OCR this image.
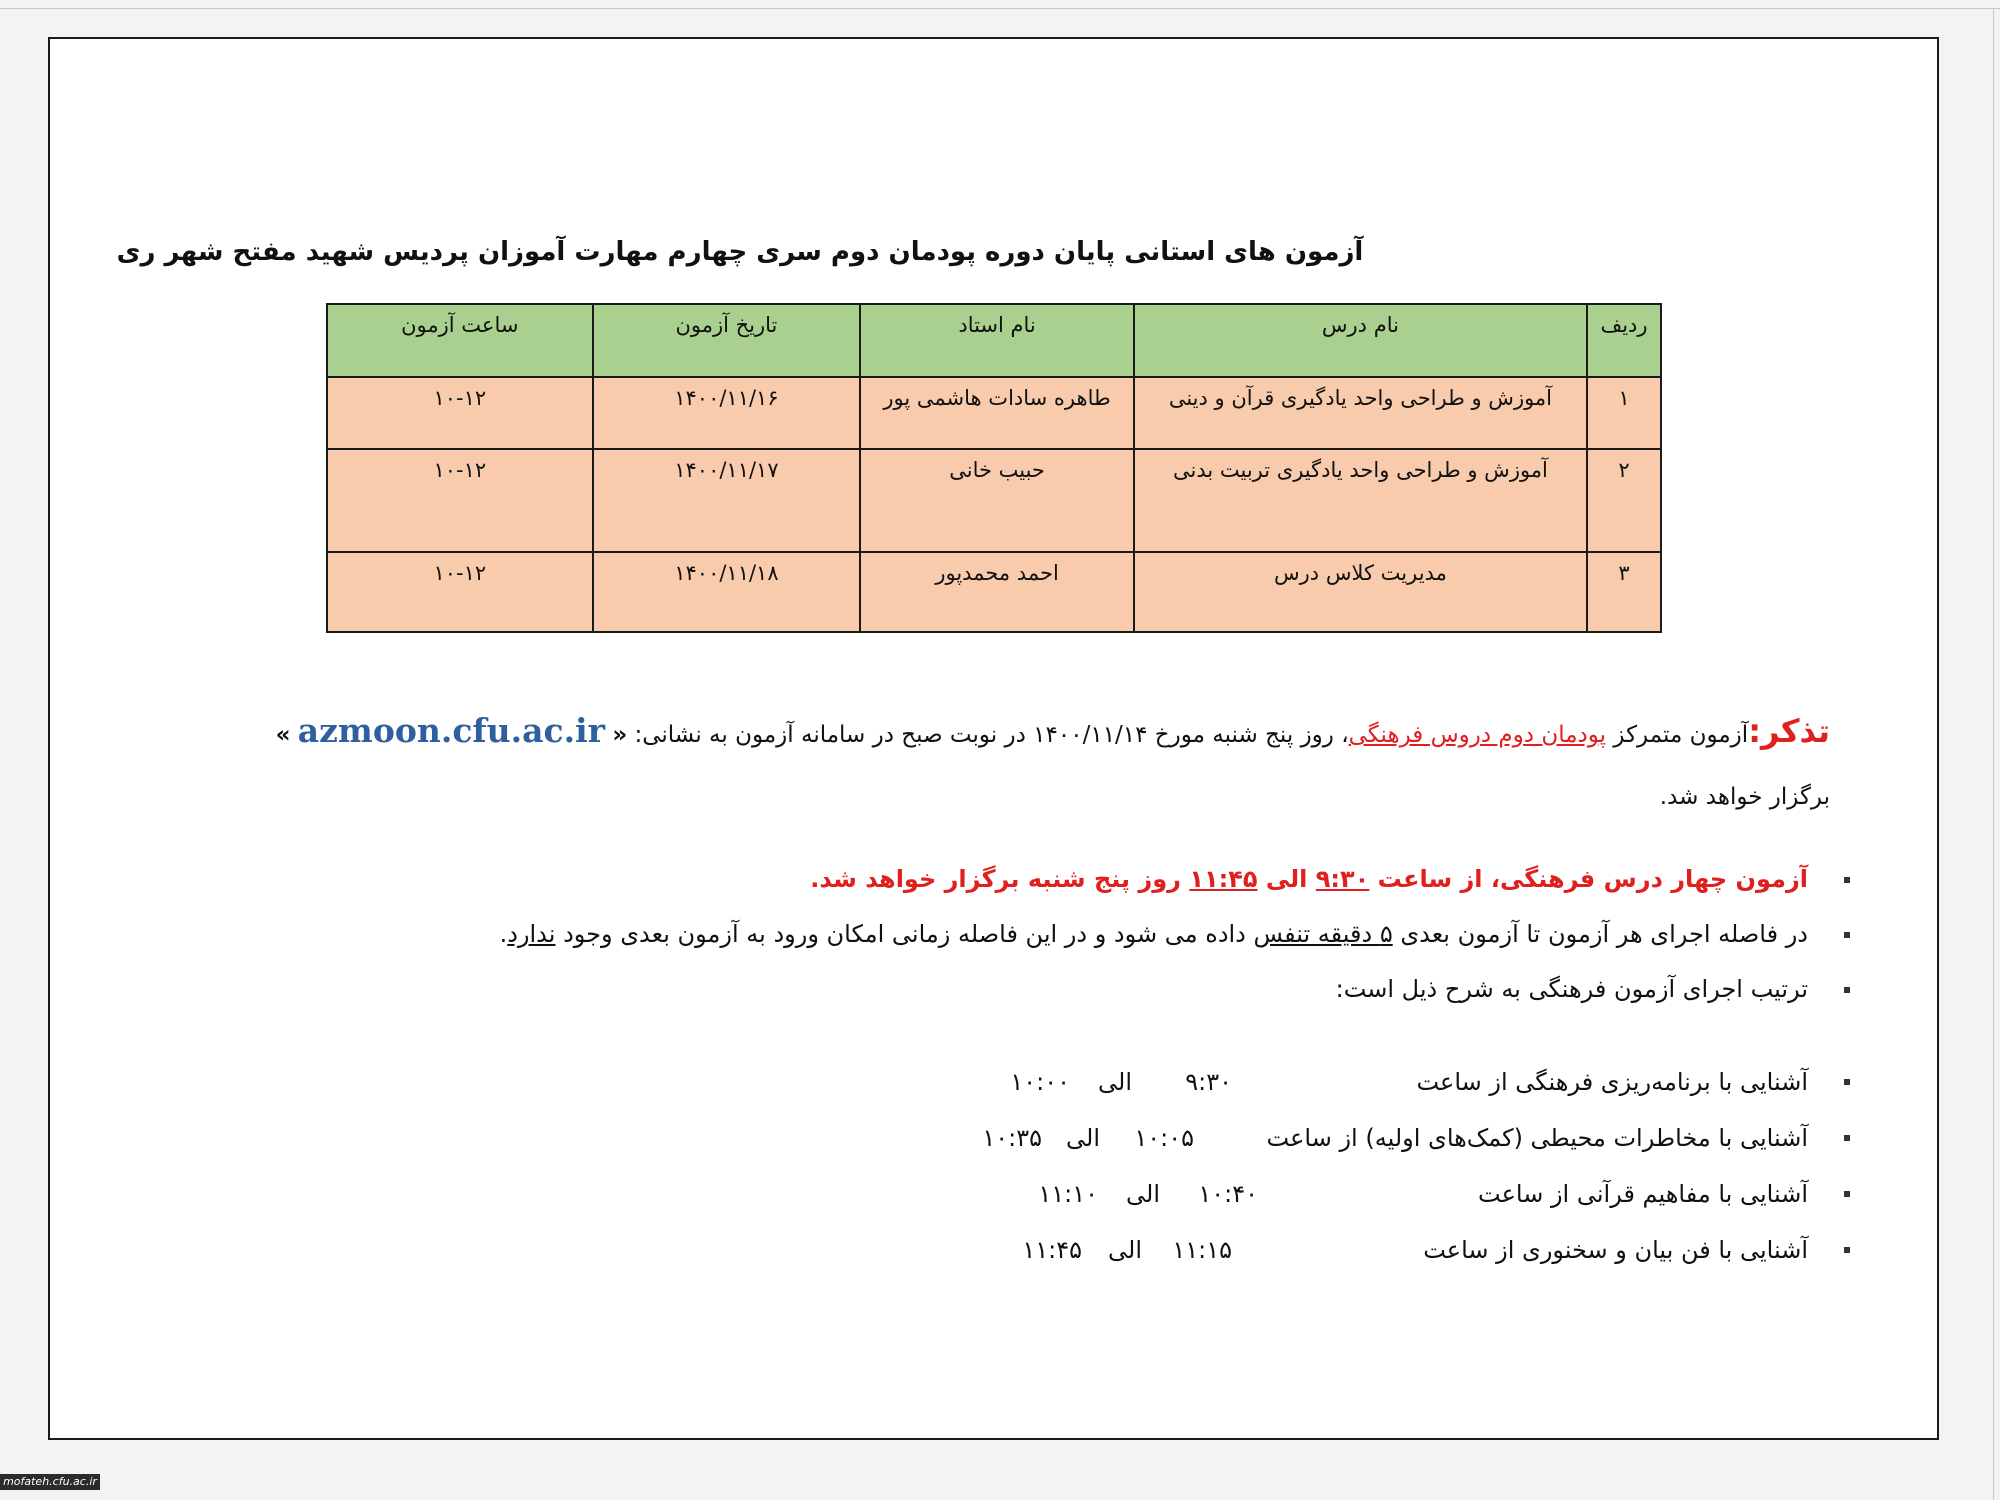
آزمون های استانی پایان دوره پودمان دوم سری چهارم مهارت آموزان پردیس شهید مفتح شهر ری
ردیف	نام درس	نام استاد	تاریخ آزمون	ساعت آزمون
۱	آموزش و طراحی واحد یادگیری قرآن و دینی	طاهره سادات هاشمی پور	۱۴۰۰/۱۱/۱۶	۱۰-۱۲
۲	آموزش و طراحی واحد یادگیری تربیت بدنی	حبیب خانی	۱۴۰۰/۱۱/۱۷	۱۰-۱۲
۳	مدیریت کلاس درس	احمد محمدپور	۱۴۰۰/۱۱/۱۸	۱۰-۱۲
تذکر:آزمون متمرکز پودمان دوم دروس فرهنگی، روز پنج شنبه مورخ ۱۴۰۰/۱۱/۱۴ در نوبت صبح در سامانه آزمون به نشانی: « azmoon.cfu.ac.ir »
برگزار خواهد شد.
آزمون چهار درس فرهنگی، از ساعت ۹:۳۰ الی ۱۱:۴۵ روز پنج شنبه برگزار خواهد شد.
در فاصله اجرای هر آزمون تا آزمون بعدی ۵ دقیقه تنفس داده می شود و در این فاصله زمانی امکان ورود به آزمون بعدی وجود ندارد.
ترتیب اجرای آزمون فرهنگی به شرح ذیل است:
آشنایی با برنامه‌ریزی فرهنگی از ساعت
۹:۳۰
الی
۱۰:۰۰
آشنایی با مخاطرات محیطی (کمک‌های اولیه) از ساعت
۱۰:۰۵
الی
۱۰:۳۵
آشنایی با مفاهیم قرآنی از ساعت
۱۰:۴۰
الی
۱۱:۱۰
آشنایی با فن بیان و سخنوری از ساعت
۱۱:۱۵
الی
۱۱:۴۵
mofateh.cfu.ac.ir
